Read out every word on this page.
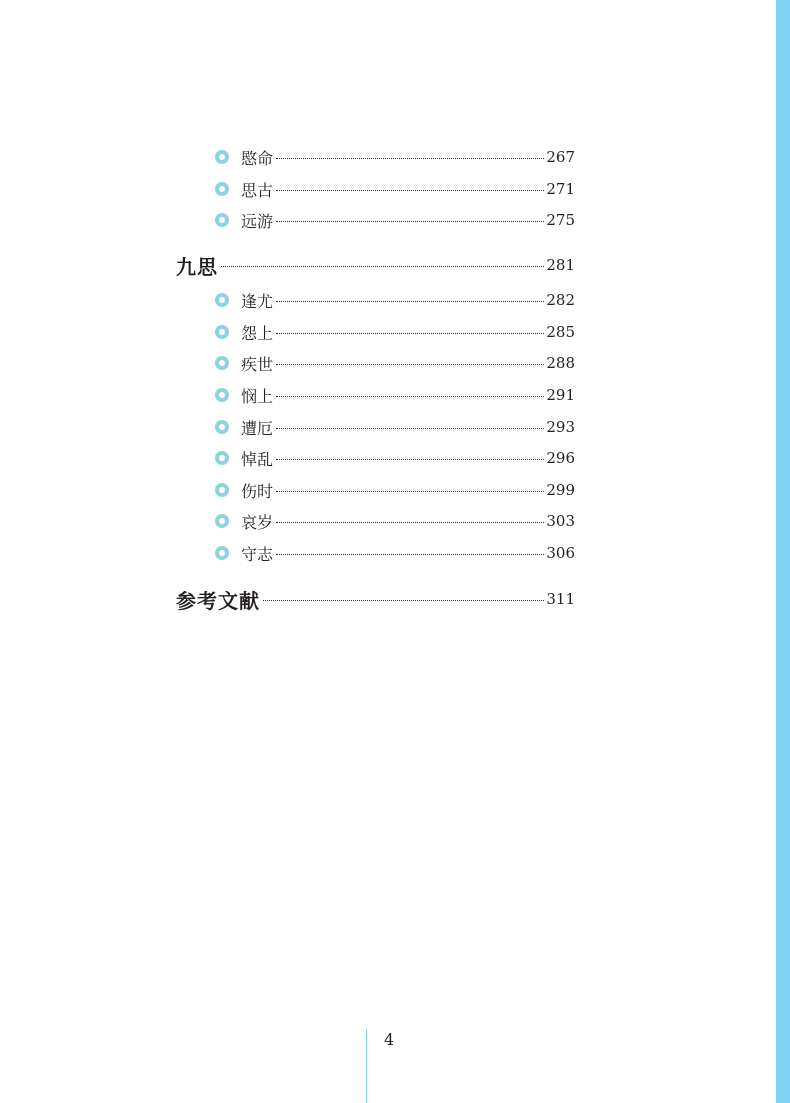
愍命	267
思古	271
远游	275
九思	281
逢尤	282
怨上	285
疾世	288
悯上	291
遭厄	293
悼乱	296
伤时	299
哀岁	303
守志	306
参考文献	311
4
